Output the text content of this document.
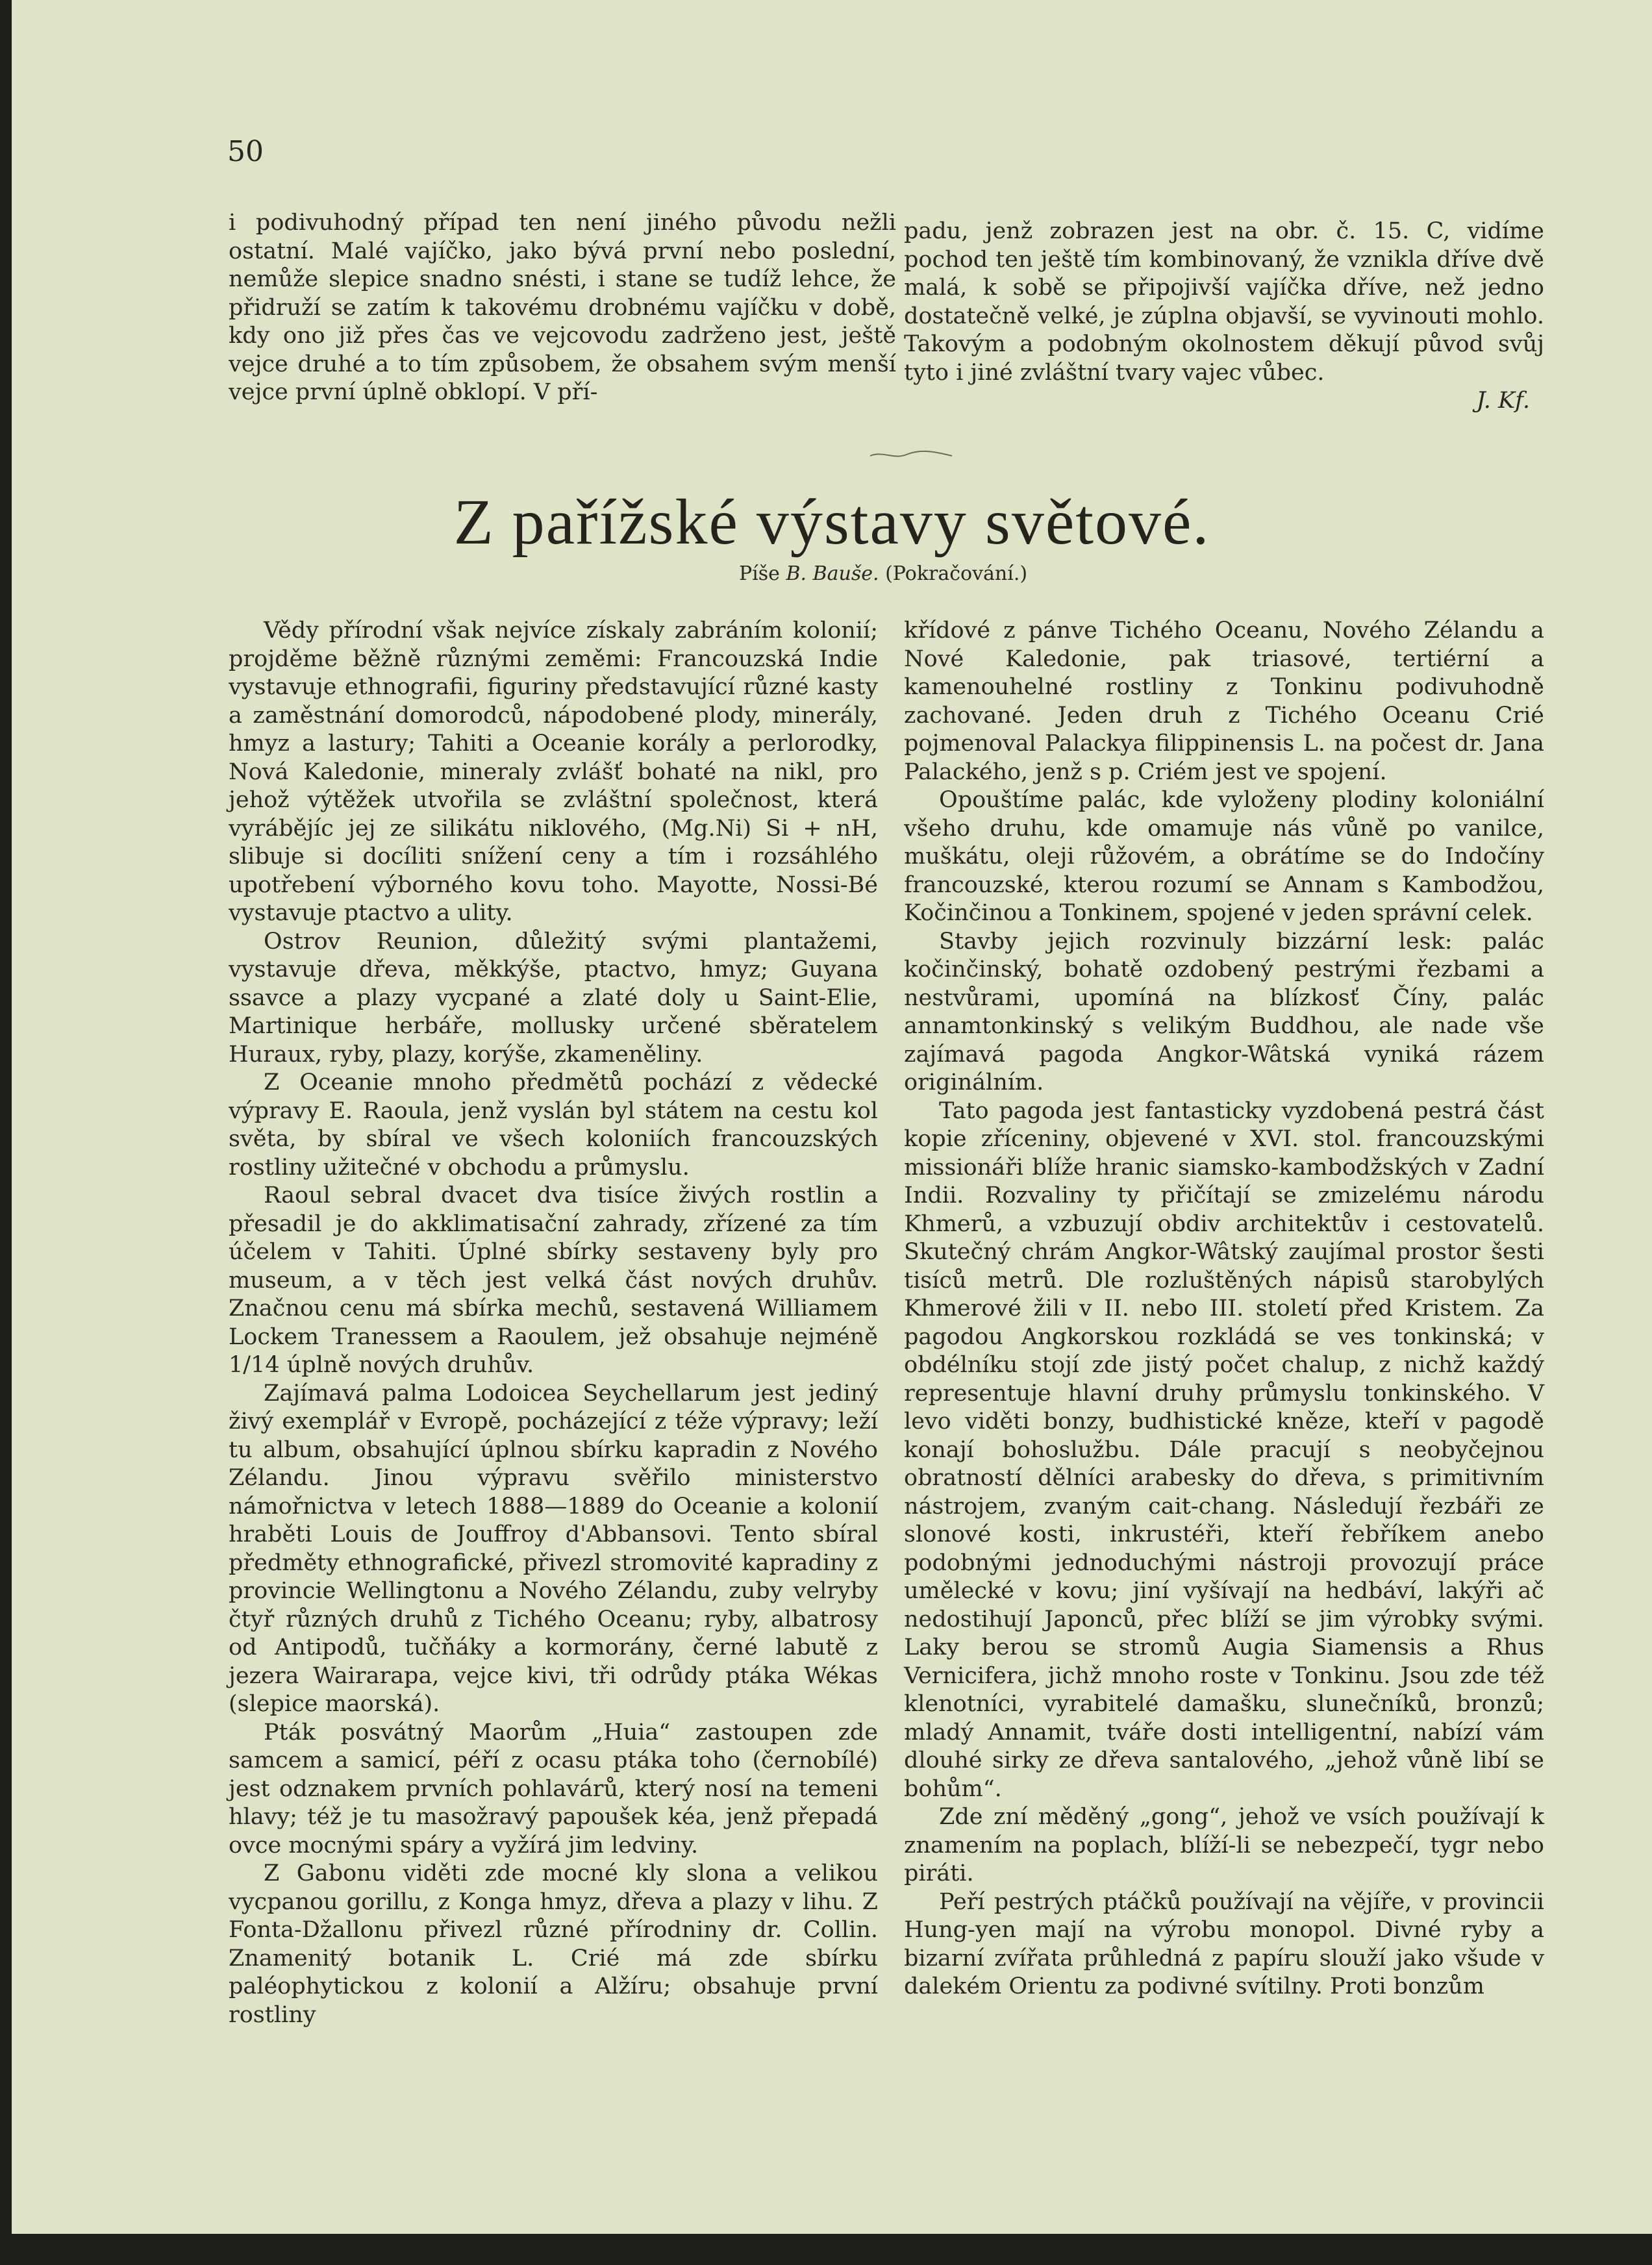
50

i podivuhodný případ ten není jiného původu nežli ostatní. Malé vajíčko, jako bývá první nebo poslední, nemůže slepice snadno snésti, i stane se tudíž lehce, že přidruží se zatím k takovému drobnému vajíčku v době, kdy ono již přes čas ve vejcovodu zadrženo jest, ještě vejce druhé a to tím způsobem, že obsahem svým menší vejce první úplně obklopí. V pří-

padu, jenž zobrazen jest na obr. č. 15. C, vidíme pochod ten ještě tím kombinovaný, že vznikla dříve dvě malá, k sobě se připojivší vajíčka dříve, než jedno dostatečně velké, je zúplna objavší, se vyvinouti mohlo. Takovým a podobným okolnostem děkují původ svůj tyto i jiné zvláštní tvary vajec vůbec.

J. Kf.

Z pařížské výstavy světové.
Píše B. Bauše. (Pokračování.)

Vědy přírodní však nejvíce získaly zabráním kolonií; projděme běžně různými zeměmi: Francouzská Indie vystavuje ethnografii, figuriny představující různé kasty a zaměstnání domorodců, nápodobené plody, minerály, hmyz a lastury; Tahiti a Oceanie korály a perlorodky, Nová Kaledonie, mineraly zvlášť bohaté na nikl, pro jehož výtěžek utvořila se zvláštní společnost, která vyrábějíc jej ze silikátu niklového, (Mg.Ni) Si + nH, slibuje si docíliti snížení ceny a tím i rozsáhlého upotřebení výborného kovu toho. Mayotte, Nossi-Bé vystavuje ptactvo a ulity.

Ostrov Reunion, důležitý svými plantažemi, vystavuje dřeva, měkkýše, ptactvo, hmyz; Guyana ssavce a plazy vycpané a zlaté doly u Saint-Elie, Martinique herbáře, mollusky určené sběratelem Huraux, ryby, plazy, korýše, zkameněliny.

Z Oceanie mnoho předmětů pochází z vědecké výpravy E. Raoula, jenž vyslán byl státem na cestu kol světa, by sbíral ve všech koloniích francouzských rostliny užitečné v obchodu a průmyslu.

Raoul sebral dvacet dva tisíce živých rostlin a přesadil je do akklimatisační zahrady, zřízené za tím účelem v Tahiti. Úplné sbírky sestaveny byly pro museum, a v těch jest velká část nových druhův. Značnou cenu má sbírka mechů, sestavená Williamem Lockem Tranessem a Raoulem, jež obsahuje nejméně 1/14 úplně nových druhův.

Zajímavá palma Lodoicea Seychellarum jest jediný živý exemplář v Evropě, pocházející z téže výpravy; leží tu album, obsahující úplnou sbírku kapradin z Nového Zélandu. Jinou výpravu svěřilo ministerstvo námořnictva v letech 1888—1889 do Oceanie a kolonií hraběti Louis de Jouffroy d'Abbansovi. Tento sbíral předměty ethnografické, přivezl stromovité kapradiny z provincie Wellingtonu a Nového Zélandu, zuby velryby čtyř různých druhů z Tichého Oceanu; ryby, albatrosy od Antipodů, tučňáky a kormorány, černé labutě z jezera Wairarapa, vejce kivi, tři odrůdy ptáka Wékas (slepice maorská).

Pták posvátný Maorům „Huia“ zastoupen zde samcem a samicí, péří z ocasu ptáka toho (černobílé) jest odznakem prvních pohlavárů, který nosí na temeni hlavy; též je tu masožravý papoušek kéa, jenž přepadá ovce mocnými spáry a vyžírá jim ledviny.

Z Gabonu viděti zde mocné kly slona a velikou vycpanou gorillu, z Konga hmyz, dřeva a plazy v lihu. Z Fonta-Džallonu přivezl různé přírodniny dr. Collin. Znamenitý botanik L. Crié má zde sbírku paléophytickou z kolonií a Alžíru; obsahuje první rostliny

křídové z pánve Tichého Oceanu, Nového Zélandu a Nové Kaledonie, pak triasové, tertiérní a kamenouhelné rostliny z Tonkinu podivuhodně zachované. Jeden druh z Tichého Oceanu Crié pojmenoval Palackya filippinensis L. na počest dr. Jana Palackého, jenž s p. Criém jest ve spojení.

Opouštíme palác, kde vyloženy plodiny koloniální všeho druhu, kde omamuje nás vůně po vanilce, muškátu, oleji růžovém, a obrátíme se do Indočíny francouzské, kterou rozumí se Annam s Kambodžou, Kočinčinou a Tonkinem, spojené v jeden správní celek.

Stavby jejich rozvinuly bizzární lesk: palác kočinčinský, bohatě ozdobený pestrými řezbami a nestvůrami, upomíná na blízkosť Číny, palác annamtonkinský s velikým Buddhou, ale nade vše zajímavá pagoda Angkor-Wâtská vyniká rázem originálním.

Tato pagoda jest fantasticky vyzdobená pestrá část kopie zříceniny, objevené v XVI. stol. francouzskými missionáři blíže hranic siamsko-kambodžských v Zadní Indii. Rozvaliny ty přičítají se zmizelému národu Khmerů, a vzbuzují obdiv architektův i cestovatelů. Skutečný chrám Angkor-Wâtský zaujímal prostor šesti tisíců metrů. Dle rozluštěných nápisů starobylých Khmerové žili v II. nebo III. století před Kristem. Za pagodou Angkorskou rozkládá se ves tonkinská; v obdélníku stojí zde jistý počet chalup, z nichž každý representuje hlavní druhy průmyslu tonkinského. V levo viděti bonzy, budhistické kněze, kteří v pagodě konají bohoslužbu. Dále pracují s neobyčejnou obratností dělníci arabesky do dřeva, s primitivním nástrojem, zvaným cait-chang. Následují řezbáři ze slonové kosti, inkrustéři, kteří řebříkem anebo podobnými jednoduchými nástroji provozují práce umělecké v kovu; jiní vyšívají na hedbáví, lakýři ač nedostihují Japonců, přec blíží se jim výrobky svými. Laky berou se stromů Augia Siamensis a Rhus Vernicifera, jichž mnoho roste v Tonkinu. Jsou zde též klenotníci, vyrabitelé damašku, slunečníků, bronzů; mladý Annamit, tváře dosti intelligentní, nabízí vám dlouhé sirky ze dřeva santalového, „jehož vůně libí se bohům“.

Zde zní měděný „gong“, jehož ve vsích používají k znamením na poplach, blíží-li se nebezpečí, tygr nebo piráti.

Peří pestrých ptáčků používají na vějíře, v provincii Hung-yen mají na výrobu monopol. Divné ryby a bizarní zvířata průhledná z papíru slouží jako všude v dalekém Orientu za podivné svítilny. Proti bonzům
